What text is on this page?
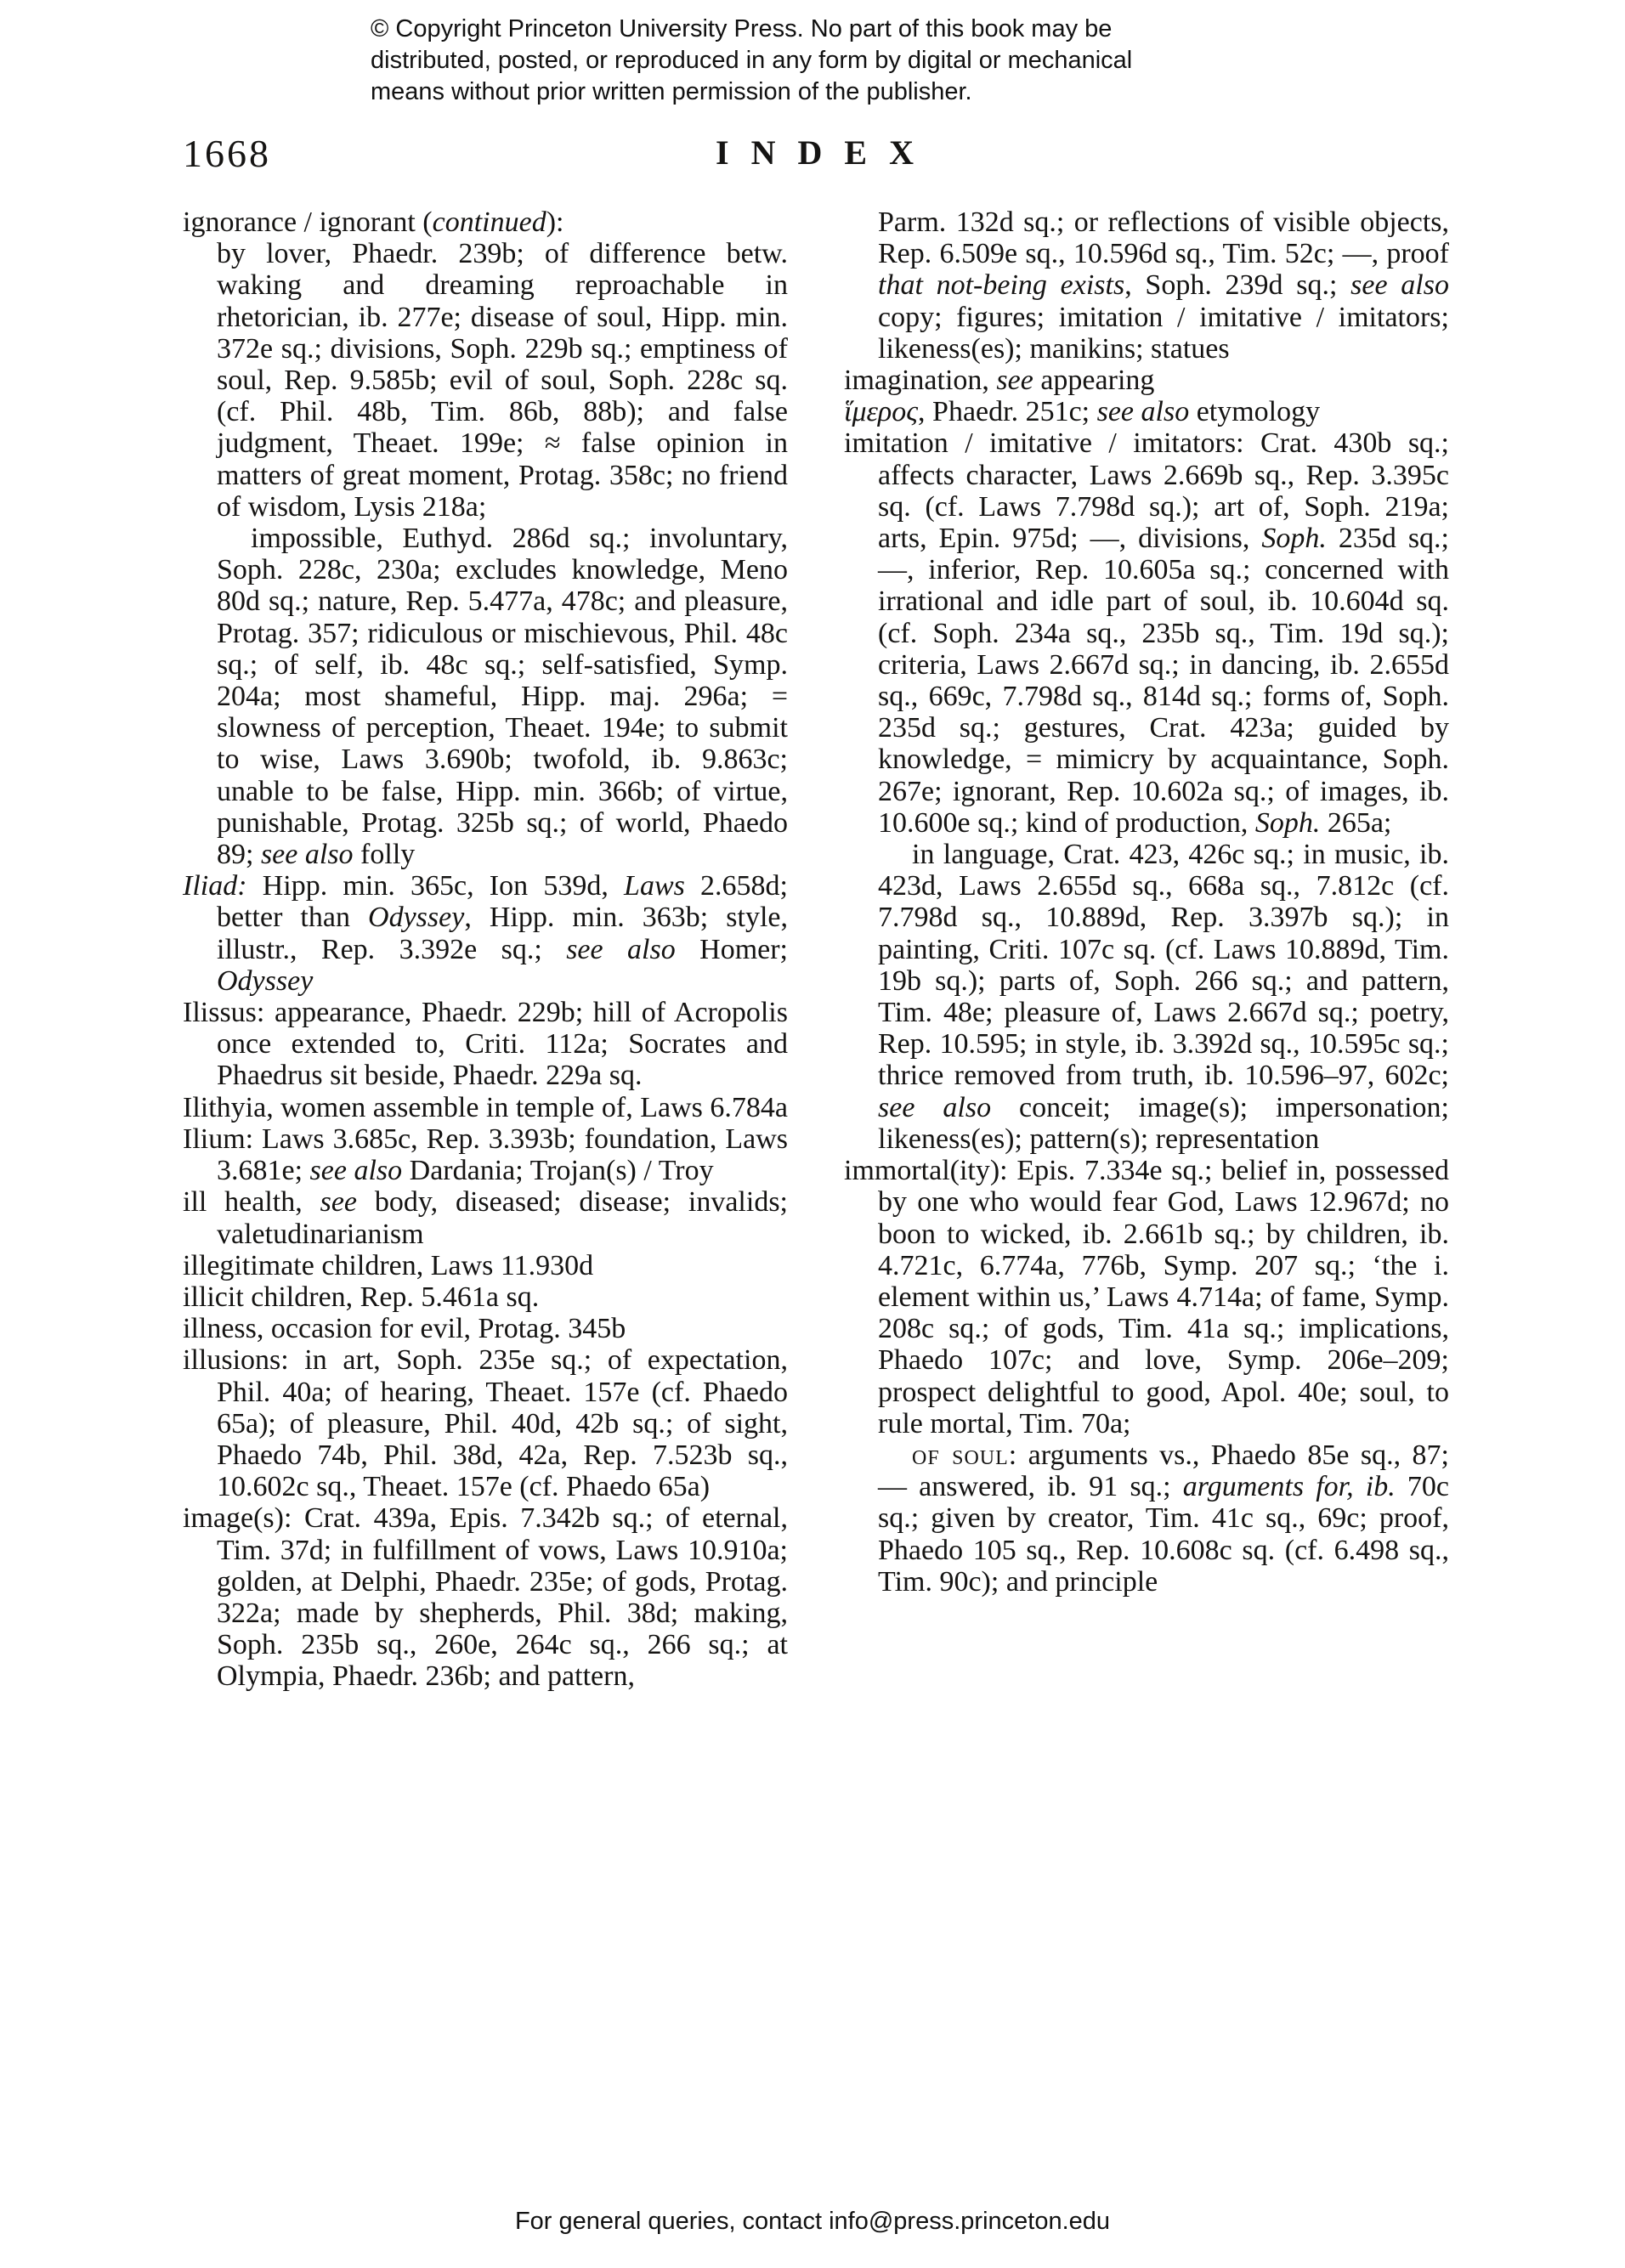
© Copyright Princeton University Press. No part of this book may be distributed, posted, or reproduced in any form by digital or mechanical means without prior written permission of the publisher.
1668	INDEX

ignorance / ignorant (continued):

by lover, Phaedr. 239b; of difference betw. waking and dreaming reproachable in rhetorician, ib. 277e; disease of soul, Hipp. min. 372e sq.; divisions, Soph. 229b sq.; emptiness of soul, Rep. 9.585b; evil of soul, Soph. 228c sq. (cf. Phil. 48b, Tim. 86b, 88b); and false judgment, Theaet. 199e; ≈ false opinion in matters of great moment, Protag. 358c; no friend of wisdom, Lysis 218a;

impossible, Euthyd. 286d sq.; involuntary, Soph. 228c, 230a; excludes knowledge, Meno 80d sq.; nature, Rep. 5.477a, 478c; and pleasure, Protag. 357; ridiculous or mischievous, Phil. 48c sq.; of self, ib. 48c sq.; self-satisfied, Symp. 204a; most shameful, Hipp. maj. 296a; = slowness of perception, Theaet. 194e; to submit to wise, Laws 3.690b; twofold, ib. 9.863c; unable to be false, Hipp. min. 366b; of virtue, punishable, Protag. 325b sq.; of world, Phaedo 89; see also folly

Iliad: Hipp. min. 365c, Ion 539d, Laws 2.658d; better than Odyssey, Hipp. min. 363b; style, illustr., Rep. 3.392e sq.; see also Homer; Odyssey

Ilissus: appearance, Phaedr. 229b; hill of Acropolis once extended to, Criti. 112a; Socrates and Phaedrus sit beside, Phaedr. 229a sq.

Ilithyia, women assemble in temple of, Laws 6.784a

Ilium: Laws 3.685c, Rep. 3.393b; foundation, Laws 3.681e; see also Dardania; Trojan(s) / Troy

ill health, see body, diseased; disease; invalids; valetudinarianism

illegitimate children, Laws 11.930d

illicit children, Rep. 5.461a sq.

illness, occasion for evil, Protag. 345b

illusions: in art, Soph. 235e sq.; of expectation, Phil. 40a; of hearing, Theaet. 157e (cf. Phaedo 65a); of pleasure, Phil. 40d, 42b sq.; of sight, Phaedo 74b, Phil. 38d, 42a, Rep. 7.523b sq., 10.602c sq., Theaet. 157e (cf. Phaedo 65a)

image(s): Crat. 439a, Epis. 7.342b sq.; of eternal, Tim. 37d; in fulfillment of vows, Laws 10.910a; golden, at Delphi, Phaedr. 235e; of gods, Protag. 322a; made by shepherds, Phil. 38d; making, Soph. 235b sq., 260e, 264c sq., 266 sq.; at Olympia, Phaedr. 236b; and pattern,

Parm. 132d sq.; or reflections of visible objects, Rep. 6.509e sq., 10.596d sq., Tim. 52c; —, proof that not-being exists, Soph. 239d sq.; see also copy; figures; imitation / imitative / imitators; likeness(es); manikins; statues

imagination, see appearing

ἵμερος, Phaedr. 251c; see also etymology

imitation / imitative / imitators: Crat. 430b sq.; affects character, Laws 2.669b sq., Rep. 3.395c sq. (cf. Laws 7.798d sq.); art of, Soph. 219a; arts, Epin. 975d; —, divisions, Soph. 235d sq.; —, inferior, Rep. 10.605a sq.; concerned with irrational and idle part of soul, ib. 10.604d sq. (cf. Soph. 234a sq., 235b sq., Tim. 19d sq.); criteria, Laws 2.667d sq.; in dancing, ib. 2.655d sq., 669c, 7.798d sq., 814d sq.; forms of, Soph. 235d sq.; gestures, Crat. 423a; guided by knowledge, = mimicry by acquaintance, Soph. 267e; ignorant, Rep. 10.602a sq.; of images, ib. 10.600e sq.; kind of production, Soph. 265a;

in language, Crat. 423, 426c sq.; in music, ib. 423d, Laws 2.655d sq., 668a sq., 7.812c (cf. 7.798d sq., 10.889d, Rep. 3.397b sq.); in painting, Criti. 107c sq. (cf. Laws 10.889d, Tim. 19b sq.); parts of, Soph. 266 sq.; and pattern, Tim. 48e; pleasure of, Laws 2.667d sq.; poetry, Rep. 10.595; in style, ib. 3.392d sq., 10.595c sq.; thrice removed from truth, ib. 10.596–97, 602c; see also conceit; image(s); impersonation; likeness(es); pattern(s); representation

immortal(ity): Epis. 7.334e sq.; belief in, possessed by one who would fear God, Laws 12.967d; no boon to wicked, ib. 2.661b sq.; by children, ib. 4.721c, 6.774a, 776b, Symp. 207 sq.; ‘the i. element within us,’ Laws 4.714a; of fame, Symp. 208c sq.; of gods, Tim. 41a sq.; implications, Phaedo 107c; and love, Symp. 206e–209; prospect delightful to good, Apol. 40e; soul, to rule mortal, Tim. 70a;

of soul: arguments vs., Phaedo 85e sq., 87; — answered, ib. 91 sq.; arguments for, ib. 70c sq.; given by creator, Tim. 41c sq., 69c; proof, Phaedo 105 sq., Rep. 10.608c sq. (cf. 6.498 sq., Tim. 90c); and principle

For general queries, contact info@press.princeton.edu
